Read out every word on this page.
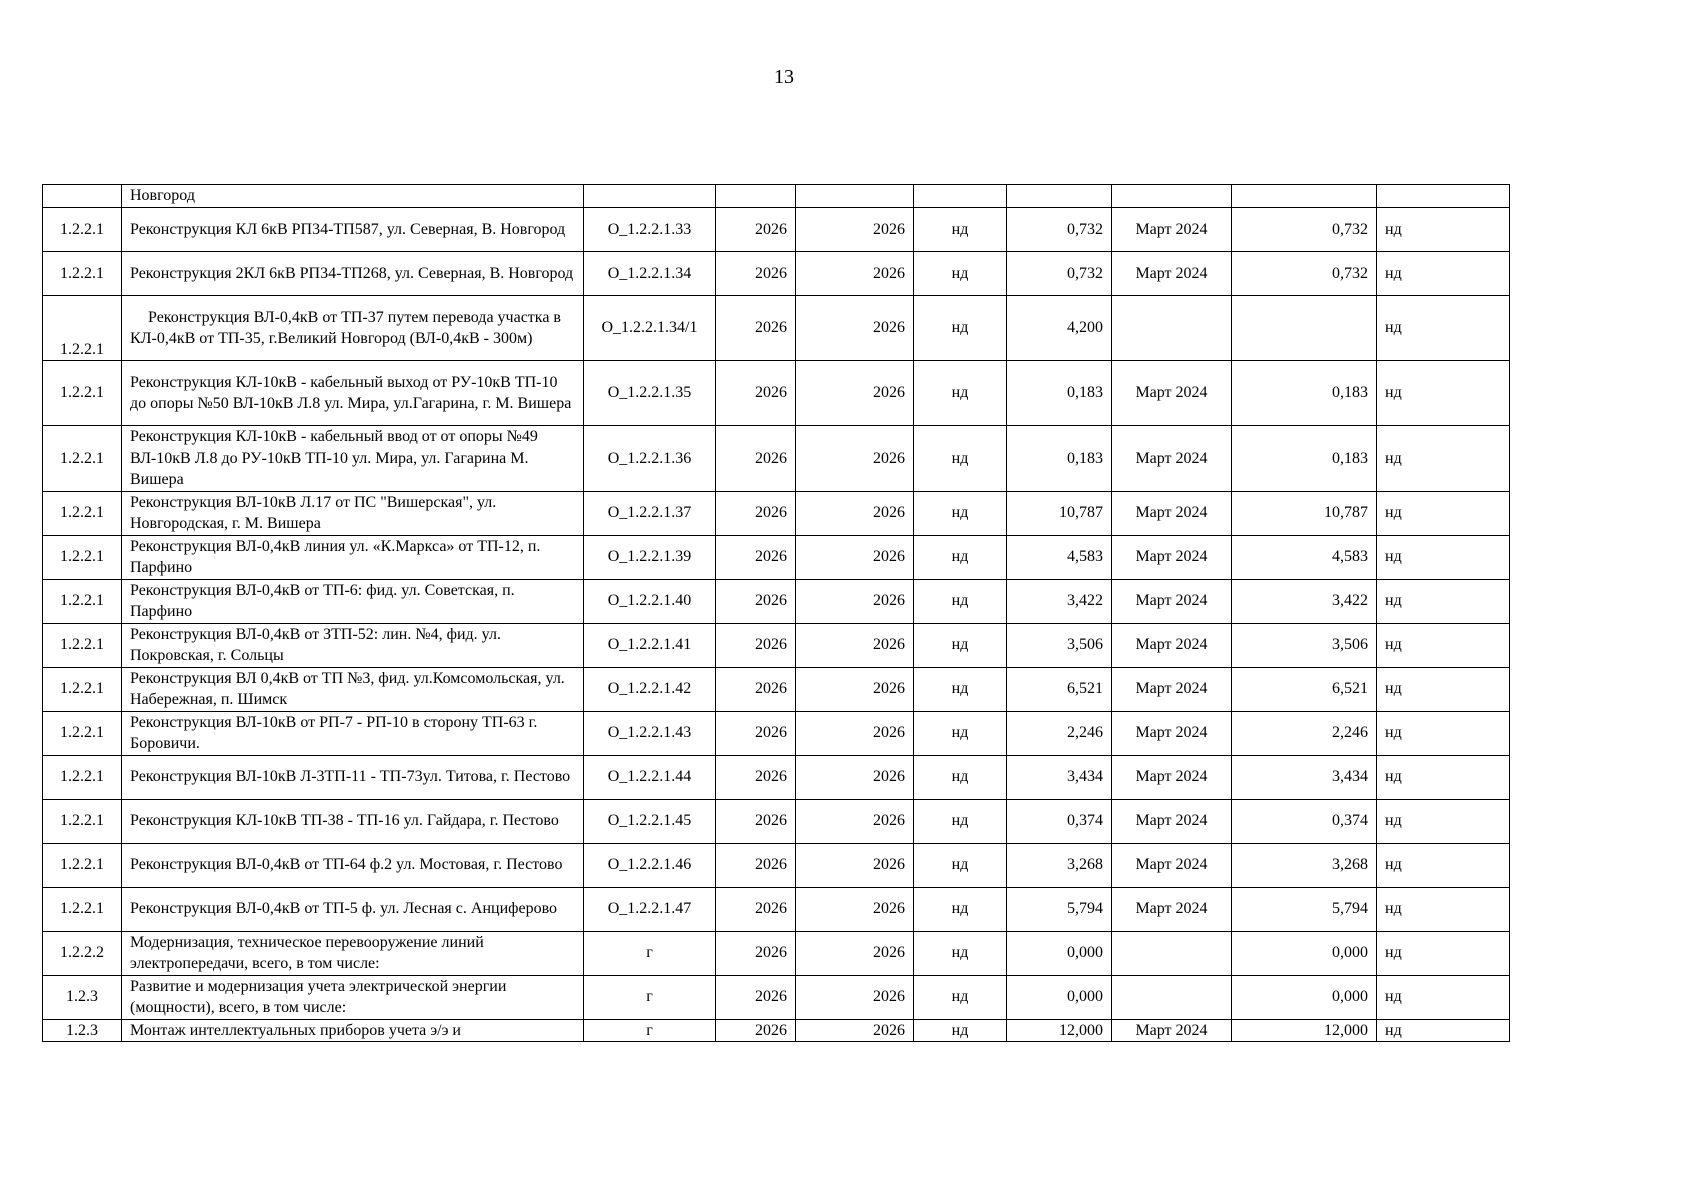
13
	Новгород								
1.2.2.1	Реконструкция КЛ 6кВ РП34-ТП587, ул. Северная, В. Новгород	О_1.2.2.1.33	2026	2026	нд	0,732	Март 2024	0,732	нд
1.2.2.1	Реконструкция 2КЛ 6кВ РП34-ТП268, ул. Северная, В. Новгород	О_1.2.2.1.34	2026	2026	нд	0,732	Март 2024	0,732	нд
1.2.2.1	Реконструкция ВЛ-0,4кВ от ТП-37 путем перевода участка в КЛ-0,4кВ от ТП-35, г.Великий Новгород (ВЛ-0,4кВ - 300м)	О_1.2.2.1.34/1	2026	2026	нд	4,200			нд
1.2.2.1	Реконструкция КЛ-10кВ - кабельный выход от РУ-10кВ ТП-10 до опоры №50 ВЛ-10кВ Л.8 ул. Мира, ул.Гагарина, г. М. Вишера	О_1.2.2.1.35	2026	2026	нд	0,183	Март 2024	0,183	нд
1.2.2.1	Реконструкция КЛ-10кВ - кабельный ввод от от опоры №49 ВЛ-10кВ Л.8 до РУ-10кВ ТП-10 ул. Мира, ул. Гагарина М. Вишера	О_1.2.2.1.36	2026	2026	нд	0,183	Март 2024	0,183	нд
1.2.2.1	Реконструкция ВЛ-10кВ Л.17 от ПС "Вишерская", ул. Новгородская, г. М. Вишера	О_1.2.2.1.37	2026	2026	нд	10,787	Март 2024	10,787	нд
1.2.2.1	Реконструкция ВЛ-0,4кВ линия ул. «К.Маркса» от ТП-12, п. Парфино	О_1.2.2.1.39	2026	2026	нд	4,583	Март 2024	4,583	нд
1.2.2.1	Реконструкция ВЛ-0,4кВ от ТП-6: фид. ул. Советская, п. Парфино	О_1.2.2.1.40	2026	2026	нд	3,422	Март 2024	3,422	нд
1.2.2.1	Реконструкция ВЛ-0,4кВ от ЗТП-52: лин. №4, фид. ул. Покровская, г. Сольцы	О_1.2.2.1.41	2026	2026	нд	3,506	Март 2024	3,506	нд
1.2.2.1	Реконструкция ВЛ 0,4кВ от ТП №3, фид. ул.Комсомольская, ул. Набережная, п. Шимск	О_1.2.2.1.42	2026	2026	нд	6,521	Март 2024	6,521	нд
1.2.2.1	Реконструкция ВЛ-10кВ от РП-7 - РП-10 в сторону ТП-63 г. Боровичи.	О_1.2.2.1.43	2026	2026	нд	2,246	Март 2024	2,246	нд
1.2.2.1	Реконструкция ВЛ-10кВ Л-3ТП-11 - ТП-73ул. Титова, г. Пестово	О_1.2.2.1.44	2026	2026	нд	3,434	Март 2024	3,434	нд
1.2.2.1	Реконструкция КЛ-10кВ ТП-38 - ТП-16 ул. Гайдара, г. Пестово	О_1.2.2.1.45	2026	2026	нд	0,374	Март 2024	0,374	нд
1.2.2.1	Реконструкция ВЛ-0,4кВ от ТП-64 ф.2 ул. Мостовая, г. Пестово	О_1.2.2.1.46	2026	2026	нд	3,268	Март 2024	3,268	нд
1.2.2.1	Реконструкция ВЛ-0,4кВ от ТП-5 ф. ул. Лесная с. Анциферово	О_1.2.2.1.47	2026	2026	нд	5,794	Март 2024	5,794	нд
1.2.2.2	Модернизация, техническое перевооружение линий электропередачи, всего, в том числе:	г	2026	2026	нд	0,000		0,000	нд
1.2.3	Развитие и модернизация учета электрической энергии (мощности), всего, в том числе:	г	2026	2026	нд	0,000		0,000	нд
1.2.3	Монтаж интеллектуальных приборов учета э/э и	г	2026	2026	нд	12,000	Март 2024	12,000	нд
